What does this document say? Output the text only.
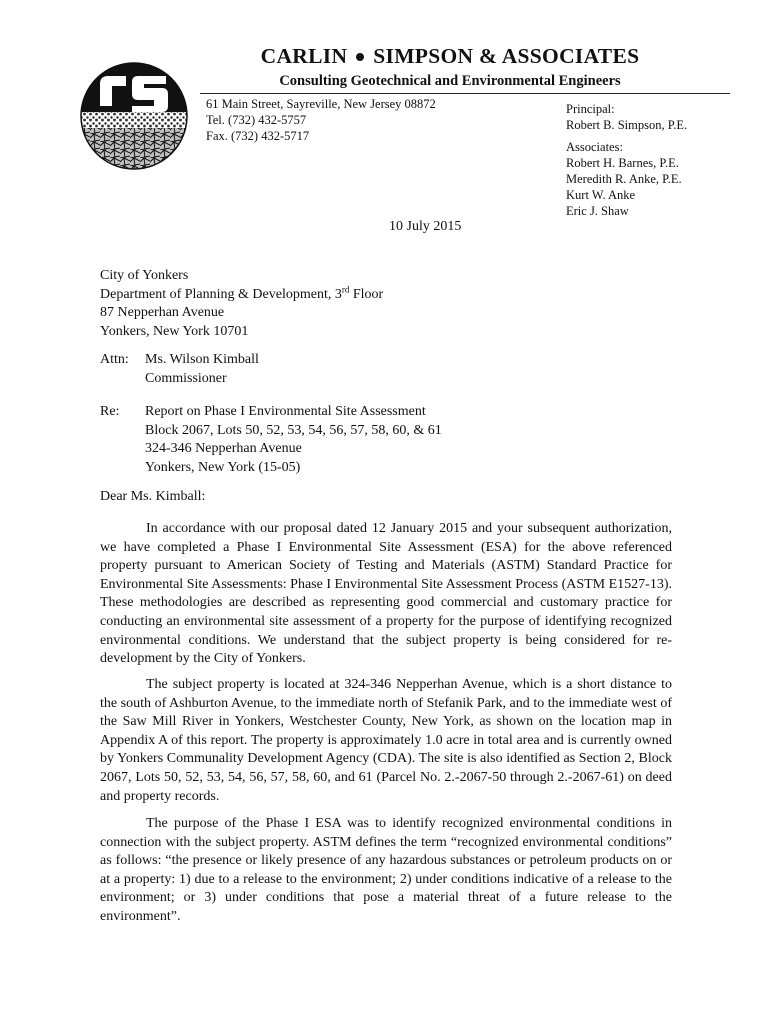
CARLIN SIMPSON & ASSOCIATES
Consulting Geotechnical and Environmental Engineers
61 Main Street, Sayreville, New Jersey 08872
Tel. (732) 432-5757
Fax. (732) 432-5717
Principal:
Robert B. Simpson, P.E.
Associates:
Robert H. Barnes, P.E.
Meredith R. Anke, P.E.
Kurt W. Anke
Eric J. Shaw
10 July 2015
City of Yonkers
Department of Planning & Development, 3rd Floor
87 Nepperhan Avenue
Yonkers, New York 10701
Attn:	Ms. Wilson Kimball
Commissioner
Re:	Report on Phase I Environmental Site Assessment
Block 2067, Lots 50, 52, 53, 54, 56, 57, 58, 60, & 61
324-346 Nepperhan Avenue
Yonkers, New York (15-05)
Dear Ms. Kimball:

In accordance with our proposal dated 12 January 2015 and your subsequent authorization, we have completed a Phase I Environmental Site Assessment (ESA) for the above referenced property pursuant to American Society of Testing and Materials (ASTM) Standard Practice for Environmental Site Assessments: Phase I Environmental Site Assessment Process (ASTM E1527-13). These methodologies are described as representing good commercial and customary practice for conducting an environmental site assessment of a property for the purpose of identifying recognized environmental conditions. We understand that the subject property is being considered for re-development by the City of Yonkers.

The subject property is located at 324-346 Nepperhan Avenue, which is a short distance to the south of Ashburton Avenue, to the immediate north of Stefanik Park, and to the immediate west of the Saw Mill River in Yonkers, Westchester County, New York, as shown on the location map in Appendix A of this report. The property is approximately 1.0 acre in total area and is currently owned by Yonkers Communality Development Agency (CDA). The site is also identified as Section 2, Block 2067, Lots 50, 52, 53, 54, 56, 57, 58, 60, and 61 (Parcel No. 2.-2067-50 through 2.-2067-61) on deed and property records.

The purpose of the Phase I ESA was to identify recognized environmental conditions in connection with the subject property. ASTM defines the term “recognized environmental conditions” as follows: “the presence or likely presence of any hazardous substances or petroleum products on or at a property: 1) due to a release to the environment; 2) under conditions indicative of a release to the environment; or 3) under conditions that pose a material threat of a future release to the environment”.
